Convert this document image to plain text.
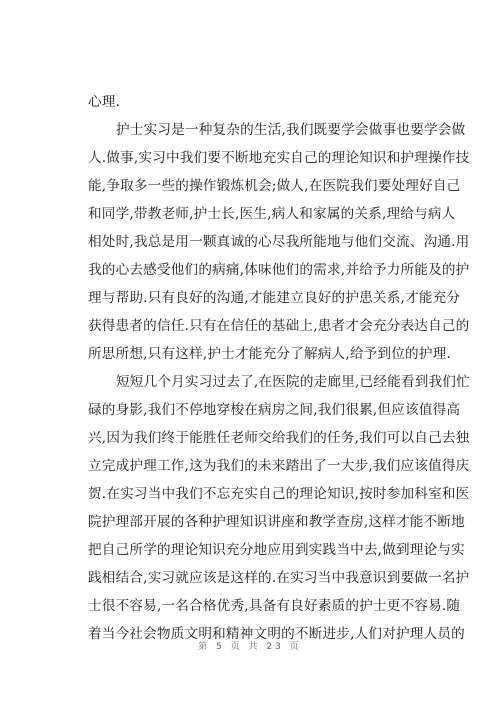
心理.
护士实习是一种复杂的生活,我们既要学会做事也要学会做
人.做事,实习中我们要不断地充实自己的理论知识和护理操作技
能,争取多一些的操作锻炼机会;做人,在医院我们要处理好自己
和同学,带教老师,护士长,医生,病人和家属的关系,理给与病人
相处时,我总是用一颗真诚的心尽我所能地与他们交流、沟通.用
我的心去感受他们的病痛,体味他们的需求,并给予力所能及的护
理与帮助.只有良好的沟通,才能建立良好的护患关系,才能充分
获得患者的信任.只有在信任的基础上,患者才会充分表达自己的
所思所想,只有这样,护士才能充分了解病人,给予到位的护理.
短短几个月实习过去了,在医院的走廊里,已经能看到我们忙
碌的身影,我们不停地穿梭在病房之间,我们很累,但应该值得高
兴,因为我们终于能胜任老师交给我们的任务,我们可以自己去独
立完成护理工作,这为我们的未来踏出了一大步,我们应该值得庆
贺.在实习当中我们不忘充实自己的理论知识,按时参加科室和医
院护理部开展的各种护理知识讲座和教学查房,这样才能不断地
把自己所学的理论知识充分地应用到实践当中去,做到理论与实
践相结合,实习就应该是这样的.在实习当中我意识到要做一名护
士很不容易,一名合格优秀,具备有良好素质的护士更不容易.随
着当今社会物质文明和精神文明的不断进步,人们对护理人员的
第 5 页 共 23 页
